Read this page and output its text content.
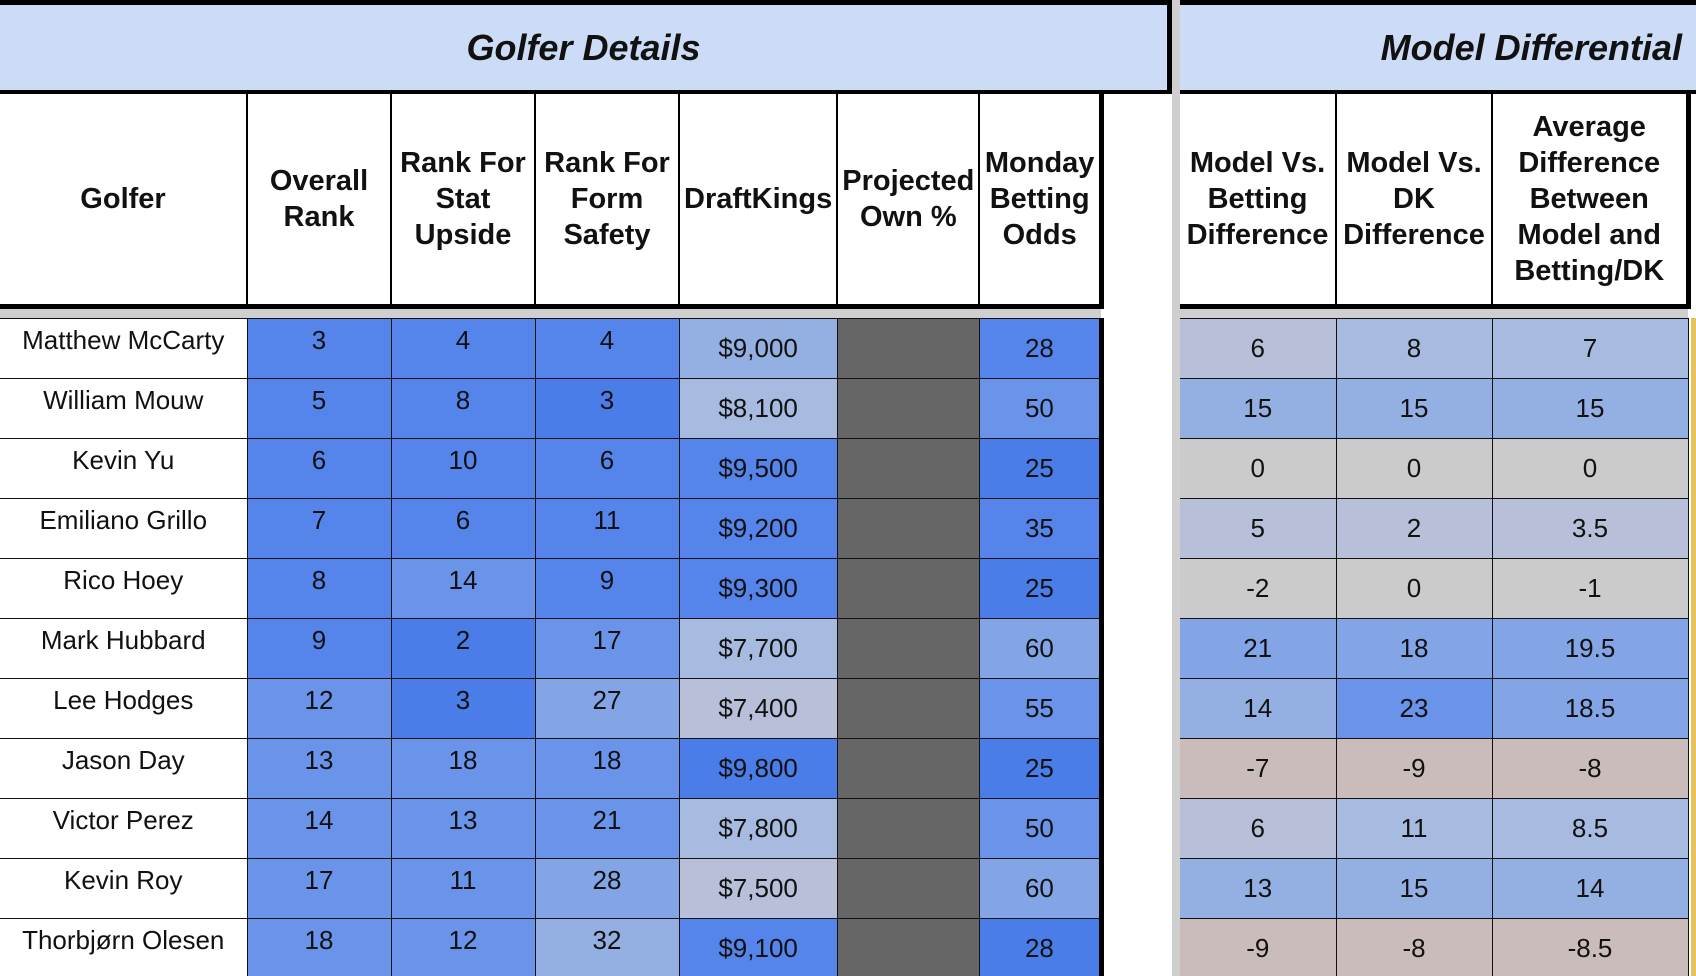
Golfer Details
Golfer	Overall Rank	Rank For Stat Upside	Rank For Form Safety	DraftKings	Projected Own %	Monday Betting Odds

Matthew McCarty	3	4	4	$9,000		28
William Mouw	5	8	3	$8,100		50
Kevin Yu	6	10	6	$9,500		25
Emiliano Grillo	7	6	11	$9,200		35
Rico Hoey	8	14	9	$9,300		25
Mark Hubbard	9	2	17	$7,700		60
Lee Hodges	12	3	27	$7,400		55
Jason Day	13	18	18	$9,800		25
Victor Perez	14	13	21	$7,800		50
Kevin Roy	17	11	28	$7,500		60
Thorbjørn Olesen	18	12	32	$9,100		28
Model Differential
Model Vs. Betting Difference	Model Vs. DK Difference	Average Difference Between Model and Betting/DK

6	8	7
15	15	15
0	0	0
5	2	3.5
-2	0	-1
21	18	19.5
14	23	18.5
-7	-9	-8
6	11	8.5
13	15	14
-9	-8	-8.5
